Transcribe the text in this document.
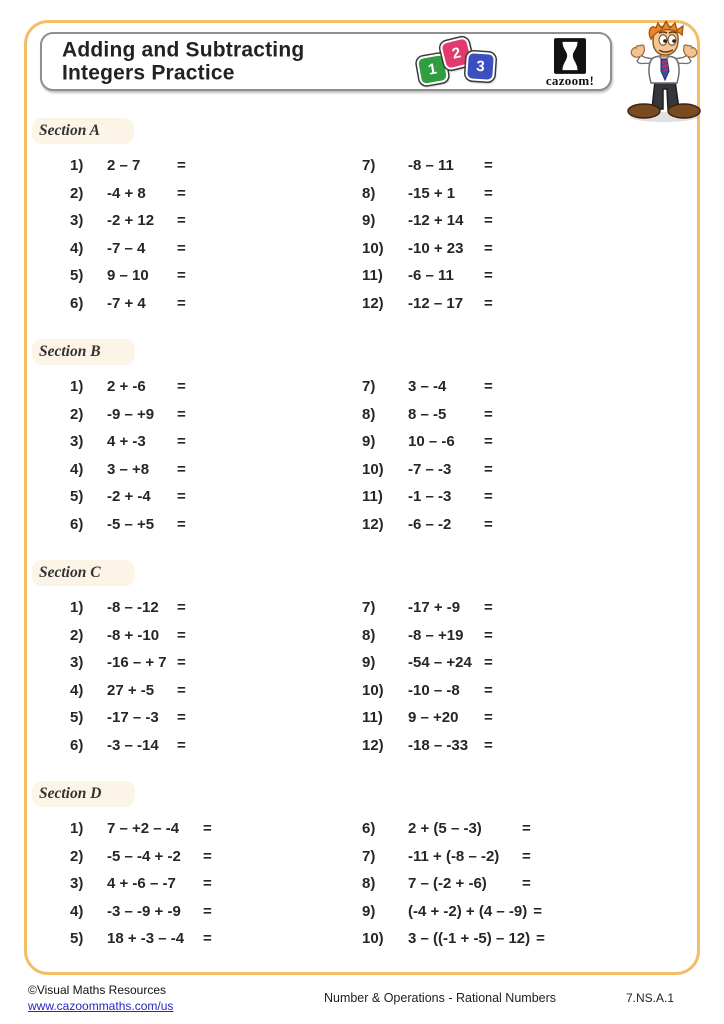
Adding and Subtracting
Integers Practice	1
2
3
cazoom!
Section A
1)	2 – 7	=
2)	-4 + 8	=
3)	-2 + 12	=
4)	-7 – 4	=
5)	9 – 10	=
6)	-7 + 4	=
7)	-8 – 11	=
8)	-15 + 1	=
9)	-12 + 14	=
10)	-10 + 23	=
11)	-6 – 11	=
12)	-12 – 17	=
Section B
1)	2 + -6	=
2)	-9 – +9	=
3)	4 + -3	=
4)	3 – +8	=
5)	-2 + -4	=
6)	-5 – +5	=
7)	3 – -4	=
8)	8 – -5	=
9)	10 – -6	=
10)	-7 – -3	=
11)	-1 – -3	=
12)	-6 – -2	=
Section C
1)	-8 – -12	=
2)	-8 + -10	=
3)	-16 – + 7 =
4)	27 + -5	=
5)	-17 – -3	=
6)	-3 – -14	=
7)	-17 + -9	=
8)	-8 – +19	=
9)	-54 – +24 =
10)	-10 – -8	=
11)	9 – +20	=
12)	-18 – -33	=
Section D
1)	7 – +2 – -4	=
2)	-5 – -4 + -2	=
3)	4 + -6 – -7	=
4)	-3 – -9 + -9	=
5)	18 + -3 – -4	=
6)	2 + (5 – -3)	=
7)	-11 + (-8 – -2)	=
8)	7 – (-2 + -6)	=
9)	(-4 + -2) + (4 – -9) =
10)	3 – ((-1 + -5) – 12) =
©Visual Maths Resources
www.cazoommaths.com/us
Number & Operations - Rational Numbers	7.NS.A.1
